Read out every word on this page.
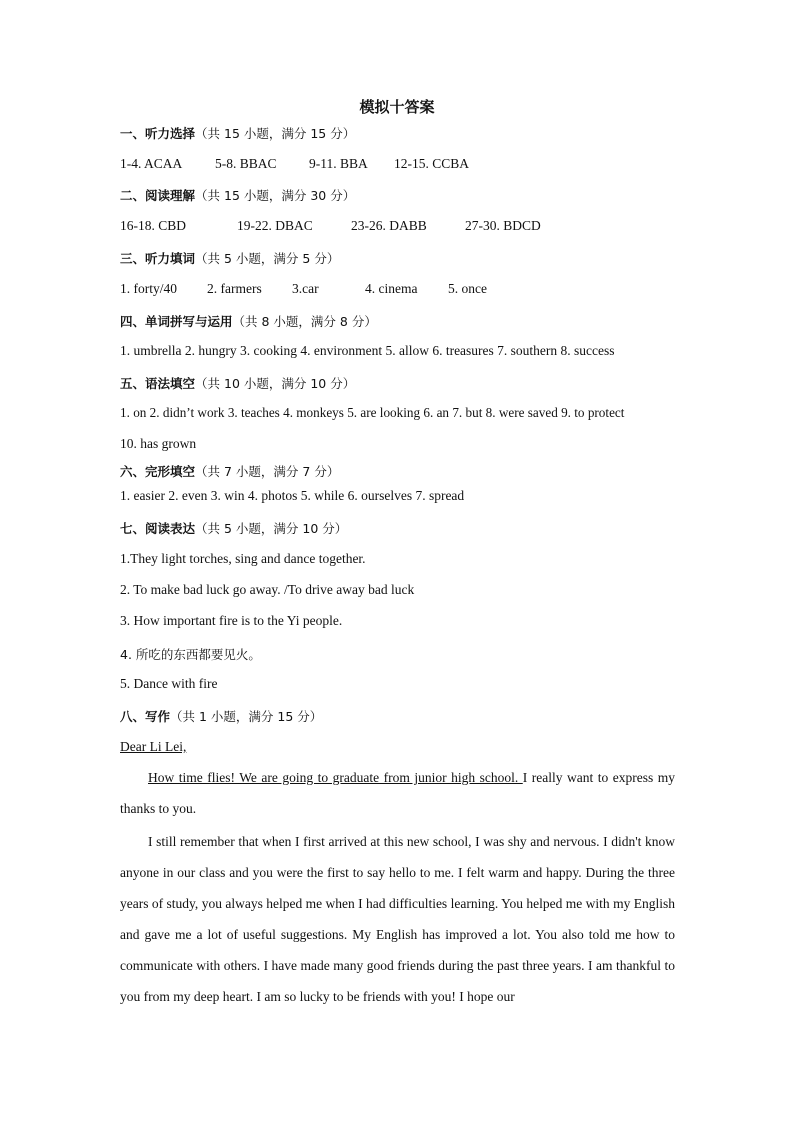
模拟十答案
一、听力选择（共 15 小题，满分 15 分）
1-4. ACAA 5-8. BBAC 9-11. BBA 12-15. CCBA
二、阅读理解（共 15 小题，满分 30 分）
16-18. CBD	19-22. DBAC	23-26. DABB	27-30. BDCD
三、听力填词（共 5 小题，满分 5 分）
1. forty/40 2. farmers 3.car	4. cinema 5. once
四、单词拼写与运用（共 8 小题，满分 8 分）
1. umbrella 2. hungry 3. cooking 4. environment 5. allow 6. treasures 7. southern 8. success
五、语法填空（共 10 小题，满分 10 分）
1. on 2. didn’t work 3. teaches 4. monkeys 5. are looking 6. an 7. but 8. were saved 9. to protect
10. has grown
六、完形填空（共 7 小题，满分 7 分）
1. easier 2. even 3. win 4. photos 5. while 6. ourselves 7. spread
七、阅读表达（共 5 小题，满分 10 分）
1.They light torches, sing and dance together.
2. To make bad luck go away. /To drive away bad luck
3. How important fire is to the Yi people.
4. 所吃的东西都要见火。
5. Dance with fire
八、写作（共 1 小题，满分 15 分）
Dear Li Lei,
How time flies! We are going to graduate from junior high school. I really want to express my thanks to you.
I still remember that when I first arrived at this new school, I was shy and nervous. I didn't know anyone in our class and you were the first to say hello to me. I felt warm and happy. During the three years of study, you always helped me when I had difficulties learning. You helped me with my English and gave me a lot of useful suggestions. My English has improved a lot. You also told me how to communicate with others. I have made many good friends during the past three years. I am thankful to you from my deep heart. I am so lucky to be friends with you! I hope our
